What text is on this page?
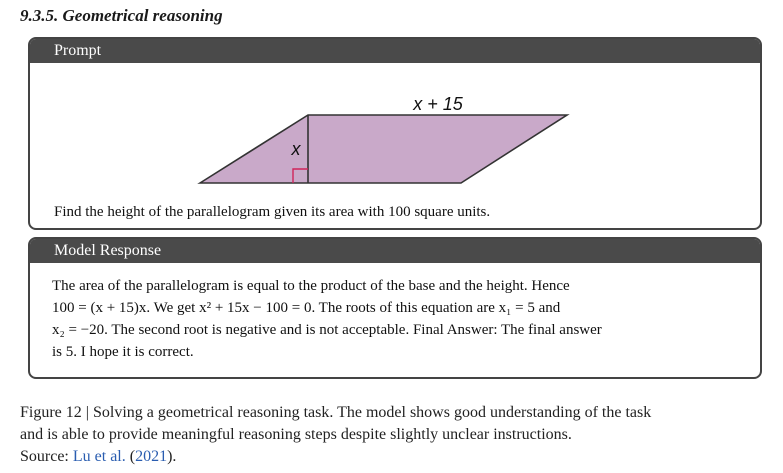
9.3.5. Geometrical reasoning
Prompt
x + 15
x
Find the height of the parallelogram given its area with 100 square units.
Model Response
The area of the parallelogram is equal to the product of the base and the height. Hence
100 = (x + 15)x. We get x² + 15x − 100 = 0. The roots of this equation are x₁ = 5 and
x₂ = −20. The second root is negative and is not acceptable. Final Answer: The final answer
is 5. I hope it is correct.
Figure 12 | Solving a geometrical reasoning task. The model shows good understanding of the task
and is able to provide meaningful reasoning steps despite slightly unclear instructions.
Source: Lu et al. (2021).
